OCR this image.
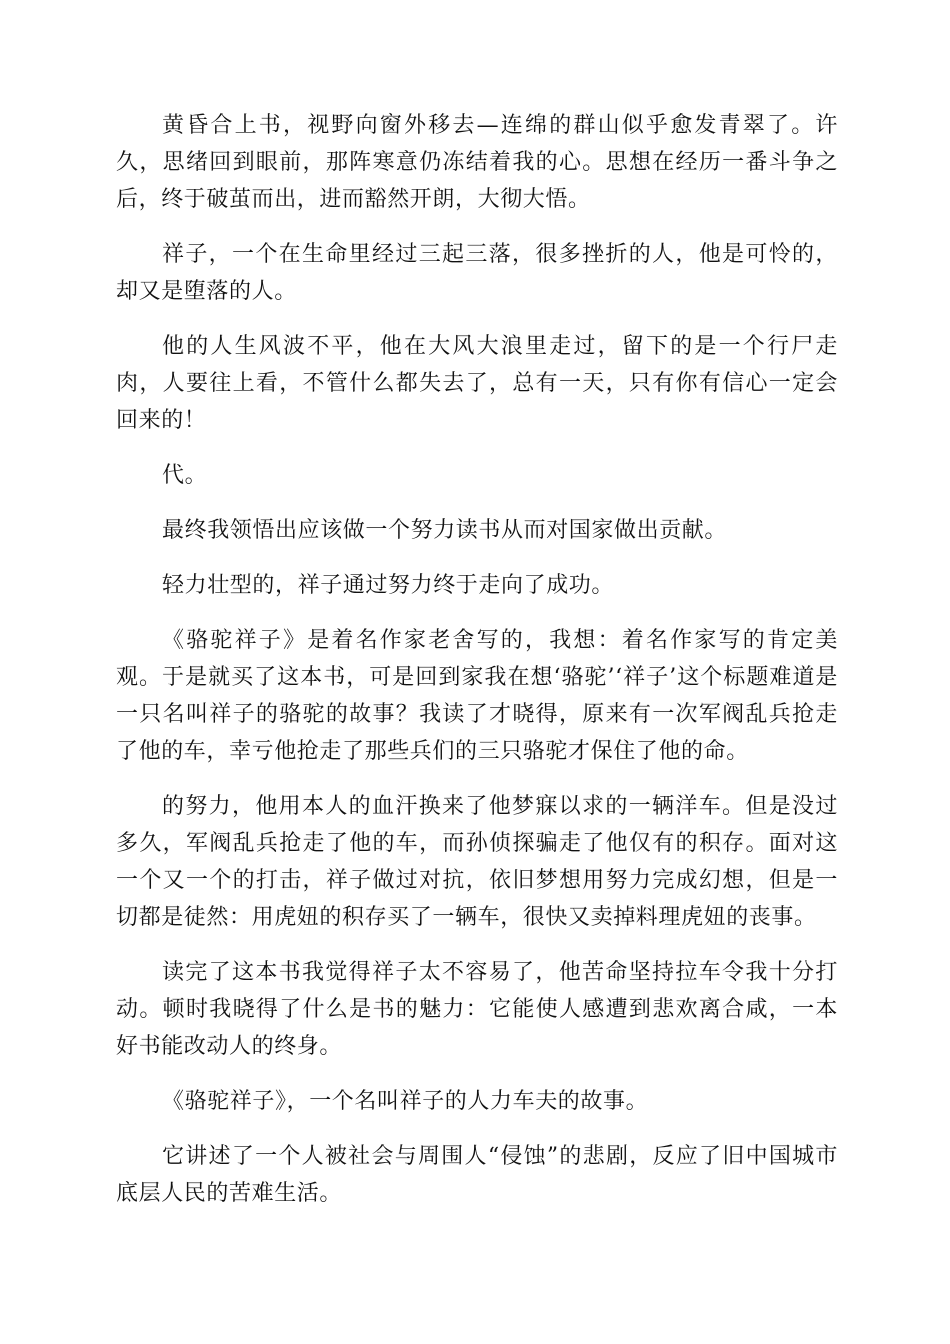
黄昏合上书，视野向窗外移去—连绵的群山似乎愈发青翠了。许久，思绪回到眼前，那阵寒意仍冻结着我的心。思想在经历一番斗争之后，终于破茧而出，进而豁然开朗，大彻大悟。

祥子，一个在生命里经过三起三落，很多挫折的人，他是可怜的，却又是堕落的人。

他的人生风波不平，他在大风大浪里走过，留下的是一个行尸走肉，人要往上看，不管什么都失去了，总有一天，只有你有信心一定会回来的！

代。

最终我领悟出应该做一个努力读书从而对国家做出贡献。

轻力壮型的，祥子通过努力终于走向了成功。

《骆驼祥子》是着名作家老舍写的，我想：着名作家写的肯定美观。于是就买了这本书，可是回到家我在想‘骆驼’‘祥子’这个标题难道是一只名叫祥子的骆驼的故事？我读了才晓得，原来有一次军阀乱兵抢走了他的车，幸亏他抢走了那些兵们的三只骆驼才保住了他的命。

的努力，他用本人的血汗换来了他梦寐以求的一辆洋车。但是没过多久，军阀乱兵抢走了他的车，而孙侦探骗走了他仅有的积存。面对这一个又一个的打击，祥子做过对抗，依旧梦想用努力完成幻想，但是一切都是徒然：用虎妞的积存买了一辆车，很快又卖掉料理虎妞的丧事。

读完了这本书我觉得祥子太不容易了，他苦命坚持拉车令我十分打动。顿时我晓得了什么是书的魅力：它能使人感遭到悲欢离合咸，一本好书能改动人的终身。

《骆驼祥子》，一个名叫祥子的人力车夫的故事。

它讲述了一个人被社会与周围人“侵蚀”的悲剧，反应了旧中国城市底层人民的苦难生活。
